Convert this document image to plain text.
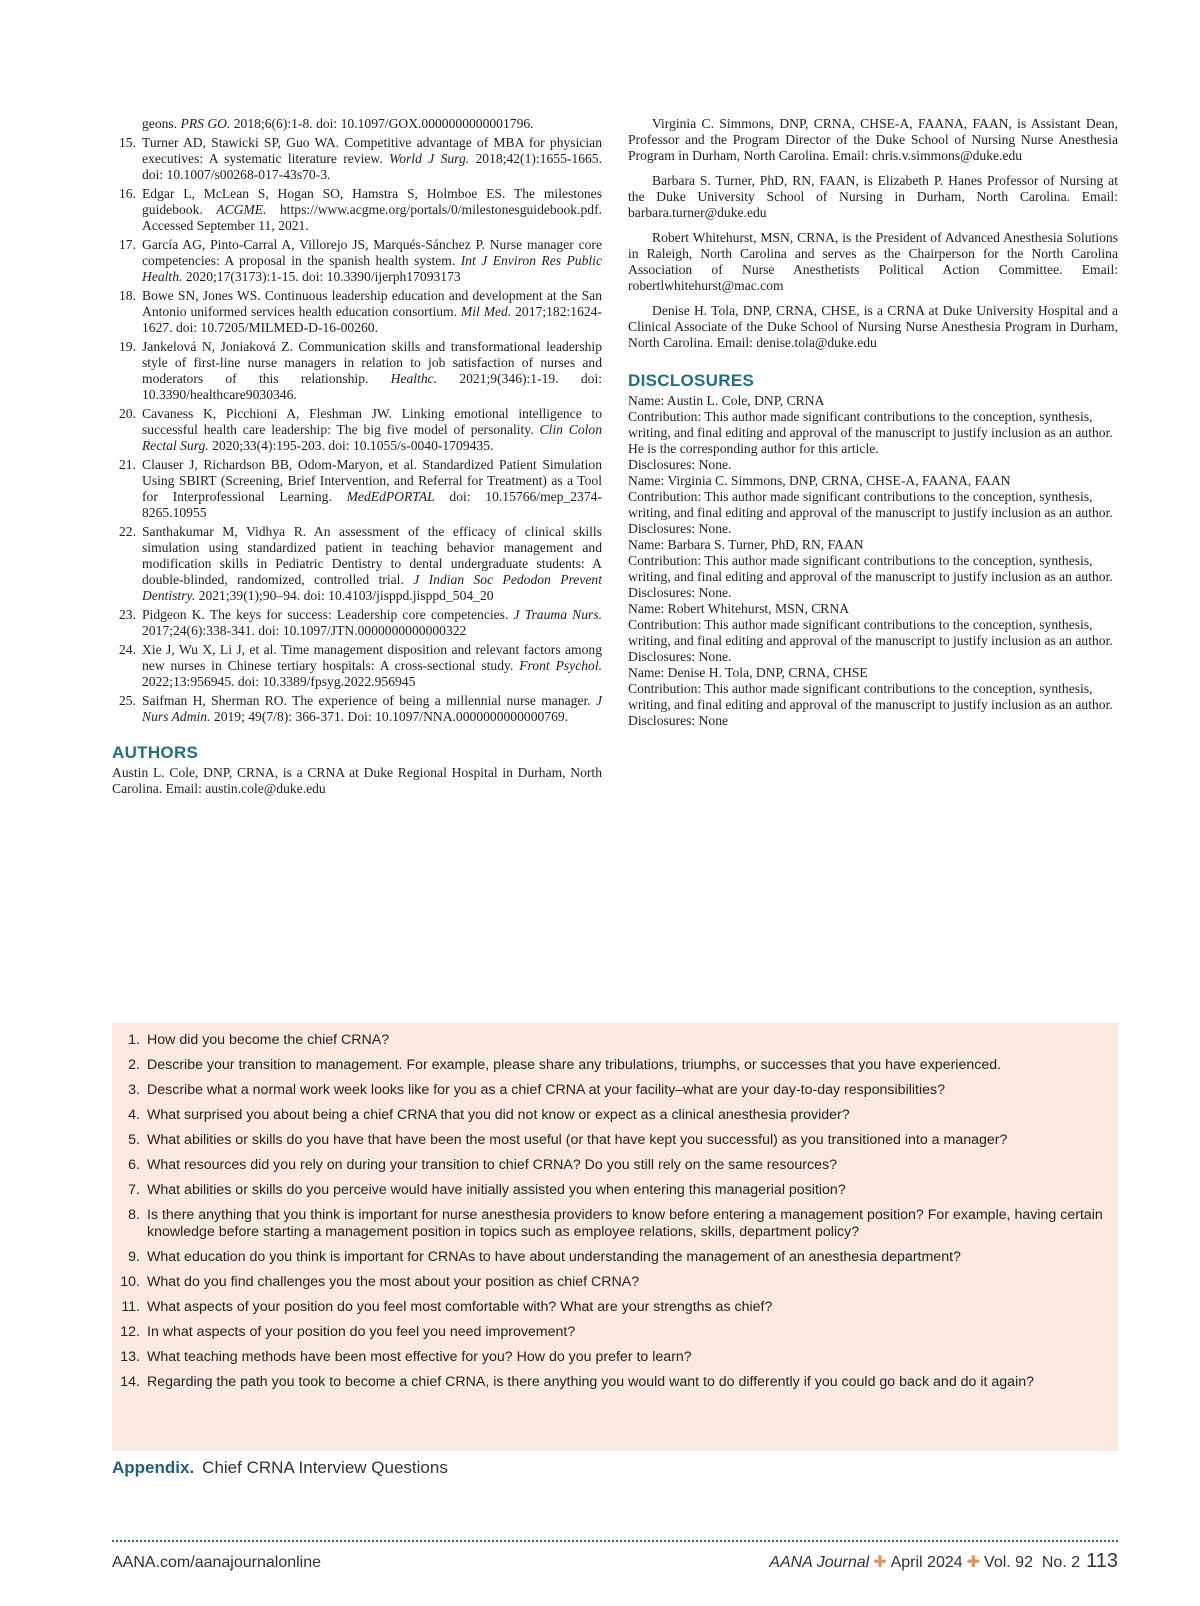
geons. PRS GO. 2018;6(6):1-8. doi: 10.1097/GOX.0000000000001796.
15. Turner AD, Stawicki SP, Guo WA. Competitive advantage of MBA for physician executives: A systematic literature review. World J Surg. 2018;42(1):1655-1665. doi: 10.1007/s00268-017-43s70-3.
16. Edgar L, McLean S, Hogan SO, Hamstra S, Holmboe ES. The milestones guidebook. ACGME. https://www.acgme.org/portals/0/milestonesguidebook.pdf. Accessed September 11, 2021.
17. García AG, Pinto-Carral A, Villorejo JS, Marqués-Sánchez P. Nurse manager core competencies: A proposal in the spanish health system. Int J Environ Res Public Health. 2020;17(3173):1-15. doi: 10.3390/ijerph17093173
18. Bowe SN, Jones WS. Continuous leadership education and development at the San Antonio uniformed services health education consortium. Mil Med. 2017;182:1624-1627. doi: 10.7205/MILMED-D-16-00260.
19. Jankelová N, Joniaková Z. Communication skills and transformational leadership style of first-line nurse managers in relation to job satisfaction of nurses and moderators of this relationship. Healthc. 2021;9(346):1-19. doi: 10.3390/healthcare9030346.
20. Cavaness K, Picchioni A, Fleshman JW. Linking emotional intelligence to successful health care leadership: The big five model of personality. Clin Colon Rectal Surg. 2020;33(4):195-203. doi: 10.1055/s-0040-1709435.
21. Clauser J, Richardson BB, Odom-Maryon, et al. Standardized Patient Simulation Using SBIRT (Screening, Brief Intervention, and Referral for Treatment) as a Tool for Interprofessional Learning. MedEdPORTAL doi: 10.15766/mep_2374-8265.10955
22. Santhakumar M, Vidhya R. An assessment of the efficacy of clinical skills simulation using standardized patient in teaching behavior management and modification skills in Pediatric Dentistry to dental undergraduate students: A double-blinded, randomized, controlled trial. J Indian Soc Pedodon Prevent Dentistry. 2021;39(1);90–94. doi: 10.4103/jisppd.jisppd_504_20
23. Pidgeon K. The keys for success: Leadership core competencies. J Trauma Nurs. 2017;24(6):338-341. doi: 10.1097/JTN.0000000000000322
24. Xie J, Wu X, Li J, et al. Time management disposition and relevant factors among new nurses in Chinese tertiary hospitals: A cross-sectional study. Front Psychol. 2022;13:956945. doi: 10.3389/fpsyg.2022.956945
25. Saifman H, Sherman RO. The experience of being a millennial nurse manager. J Nurs Admin. 2019; 49(7/8): 366-371. Doi: 10.1097/NNA.0000000000000769.
AUTHORS

Austin L. Cole, DNP, CRNA, is a CRNA at Duke Regional Hospital in Durham, North Carolina. Email: austin.cole@duke.edu

Virginia C. Simmons, DNP, CRNA, CHSE-A, FAANA, FAAN, is Assistant Dean, Professor and the Program Director of the Duke School of Nursing Nurse Anesthesia Program in Durham, North Carolina. Email: chris.v.simmons@duke.edu

Barbara S. Turner, PhD, RN, FAAN, is Elizabeth P. Hanes Professor of Nursing at the Duke University School of Nursing in Durham, North Carolina. Email: barbara.turner@duke.edu

Robert Whitehurst, MSN, CRNA, is the President of Advanced Anesthesia Solutions in Raleigh, North Carolina and serves as the Chairperson for the North Carolina Association of Nurse Anesthetists Political Action Committee. Email: robertlwhitehurst@mac.com

Denise H. Tola, DNP, CRNA, CHSE, is a CRNA at Duke University Hospital and a Clinical Associate of the Duke School of Nursing Nurse Anesthesia Program in Durham, North Carolina. Email: denise.tola@duke.edu

DISCLOSURES

Name: Austin L. Cole, DNP, CRNA

Contribution: This author made significant contributions to the conception, synthesis, writing, and final editing and approval of the manuscript to justify inclusion as an author. He is the corresponding author for this article.

Disclosures: None.

Name: Virginia C. Simmons, DNP, CRNA, CHSE-A, FAANA, FAAN

Contribution: This author made significant contributions to the conception, synthesis, writing, and final editing and approval of the manuscript to justify inclusion as an author.

Disclosures: None.

Name: Barbara S. Turner, PhD, RN, FAAN

Contribution: This author made significant contributions to the conception, synthesis, writing, and final editing and approval of the manuscript to justify inclusion as an author.

Disclosures: None.

Name: Robert Whitehurst, MSN, CRNA

Contribution: This author made significant contributions to the conception, synthesis, writing, and final editing and approval of the manuscript to justify inclusion as an author.

Disclosures: None.

Name: Denise H. Tola, DNP, CRNA, CHSE

Contribution: This author made significant contributions to the conception, synthesis, writing, and final editing and approval of the manuscript to justify inclusion as an author.

Disclosures: None

1. How did you become the chief CRNA?
2. Describe your transition to management. For example, please share any tribulations, triumphs, or successes that you have experienced.
3. Describe what a normal work week looks like for you as a chief CRNA at your facility–what are your day-to-day responsibilities?
4. What surprised you about being a chief CRNA that you did not know or expect as a clinical anesthesia provider?
5. What abilities or skills do you have that have been the most useful (or that have kept you successful) as you transitioned into a manager?
6. What resources did you rely on during your transition to chief CRNA? Do you still rely on the same resources?
7. What abilities or skills do you perceive would have initially assisted you when entering this managerial position?
8. Is there anything that you think is important for nurse anesthesia providers to know before entering a management position? For example, having certain knowledge before starting a management position in topics such as employee relations, skills, department policy?
9. What education do you think is important for CRNAs to have about understanding the management of an anesthesia department?
10. What do you find challenges you the most about your position as chief CRNA?
11. What aspects of your position do you feel most comfortable with? What are your strengths as chief?
12. In what aspects of your position do you feel you need improvement?
13. What teaching methods have been most effective for you? How do you prefer to learn?
14. Regarding the path you took to become a chief CRNA, is there anything you would want to do differently if you could go back and do it again?
Appendix. Chief CRNA Interview Questions
AANA.com/aanajournalonline	AANA Journal ✚ April 2024 ✚ Vol. 92  No. 2 113
